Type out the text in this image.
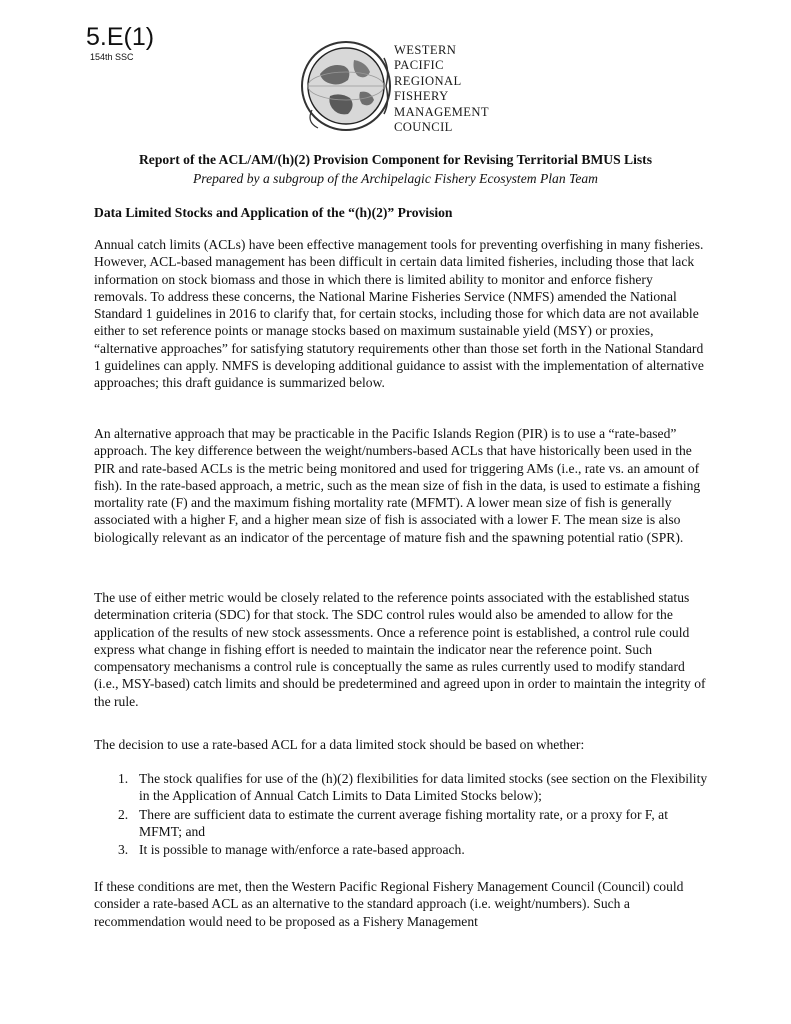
5.E(1)
154th SSC	WESTERN
PACIFIC
REGIONAL
FISHERY
MANAGEMENT
COUNCIL
Report of the ACL/AM/(h)(2) Provision Component for Revising Territorial BMUS Lists
Prepared by a subgroup of the Archipelagic Fishery Ecosystem Plan Team
Data Limited Stocks and Application of the “(h)(2)” Provision

Annual catch limits (ACLs) have been effective management tools for preventing overfishing in many fisheries. However, ACL-based management has been difficult in certain data limited fisheries, including those that lack information on stock biomass and those in which there is limited ability to monitor and enforce fishery removals. To address these concerns, the National Marine Fisheries Service (NMFS) amended the National Standard 1 guidelines in 2016 to clarify that, for certain stocks, including those for which data are not available either to set reference points or manage stocks based on maximum sustainable yield (MSY) or proxies, “alternative approaches” for satisfying statutory requirements other than those set forth in the National Standard 1 guidelines can apply. NMFS is developing additional guidance to assist with the implementation of alternative approaches; this draft guidance is summarized below.

An alternative approach that may be practicable in the Pacific Islands Region (PIR) is to use a “rate-based” approach. The key difference between the weight/numbers-based ACLs that have historically been used in the PIR and rate-based ACLs is the metric being monitored and used for triggering AMs (i.e., rate vs. an amount of fish). In the rate-based approach, a metric, such as the mean size of fish in the data, is used to estimate a fishing mortality rate (F) and the maximum fishing mortality rate (MFMT). A lower mean size of fish is generally associated with a higher F, and a higher mean size of fish is associated with a lower F. The mean size is also biologically relevant as an indicator of the percentage of mature fish and the spawning potential ratio (SPR).

The use of either metric would be closely related to the reference points associated with the established status determination criteria (SDC) for that stock. The SDC control rules would also be amended to allow for the application of the results of new stock assessments. Once a reference point is established, a control rule could express what change in fishing effort is needed to maintain the indicator near the reference point. Such compensatory mechanisms a control rule is conceptually the same as rules currently used to modify standard (i.e., MSY-based) catch limits and should be predetermined and agreed upon in order to maintain the integrity of the rule.

The decision to use a rate-based ACL for a data limited stock should be based on whether:

1. The stock qualifies for use of the (h)(2) flexibilities for data limited stocks (see section on the Flexibility in the Application of Annual Catch Limits to Data Limited Stocks below);
2. There are sufficient data to estimate the current average fishing mortality rate, or a proxy for F, at MFMT; and
3. It is possible to manage with/enforce a rate-based approach.

If these conditions are met, then the Western Pacific Regional Fishery Management Council (Council) could consider a rate-based ACL as an alternative to the standard approach (i.e. weight/numbers). Such a recommendation would need to be proposed as a Fishery Management
